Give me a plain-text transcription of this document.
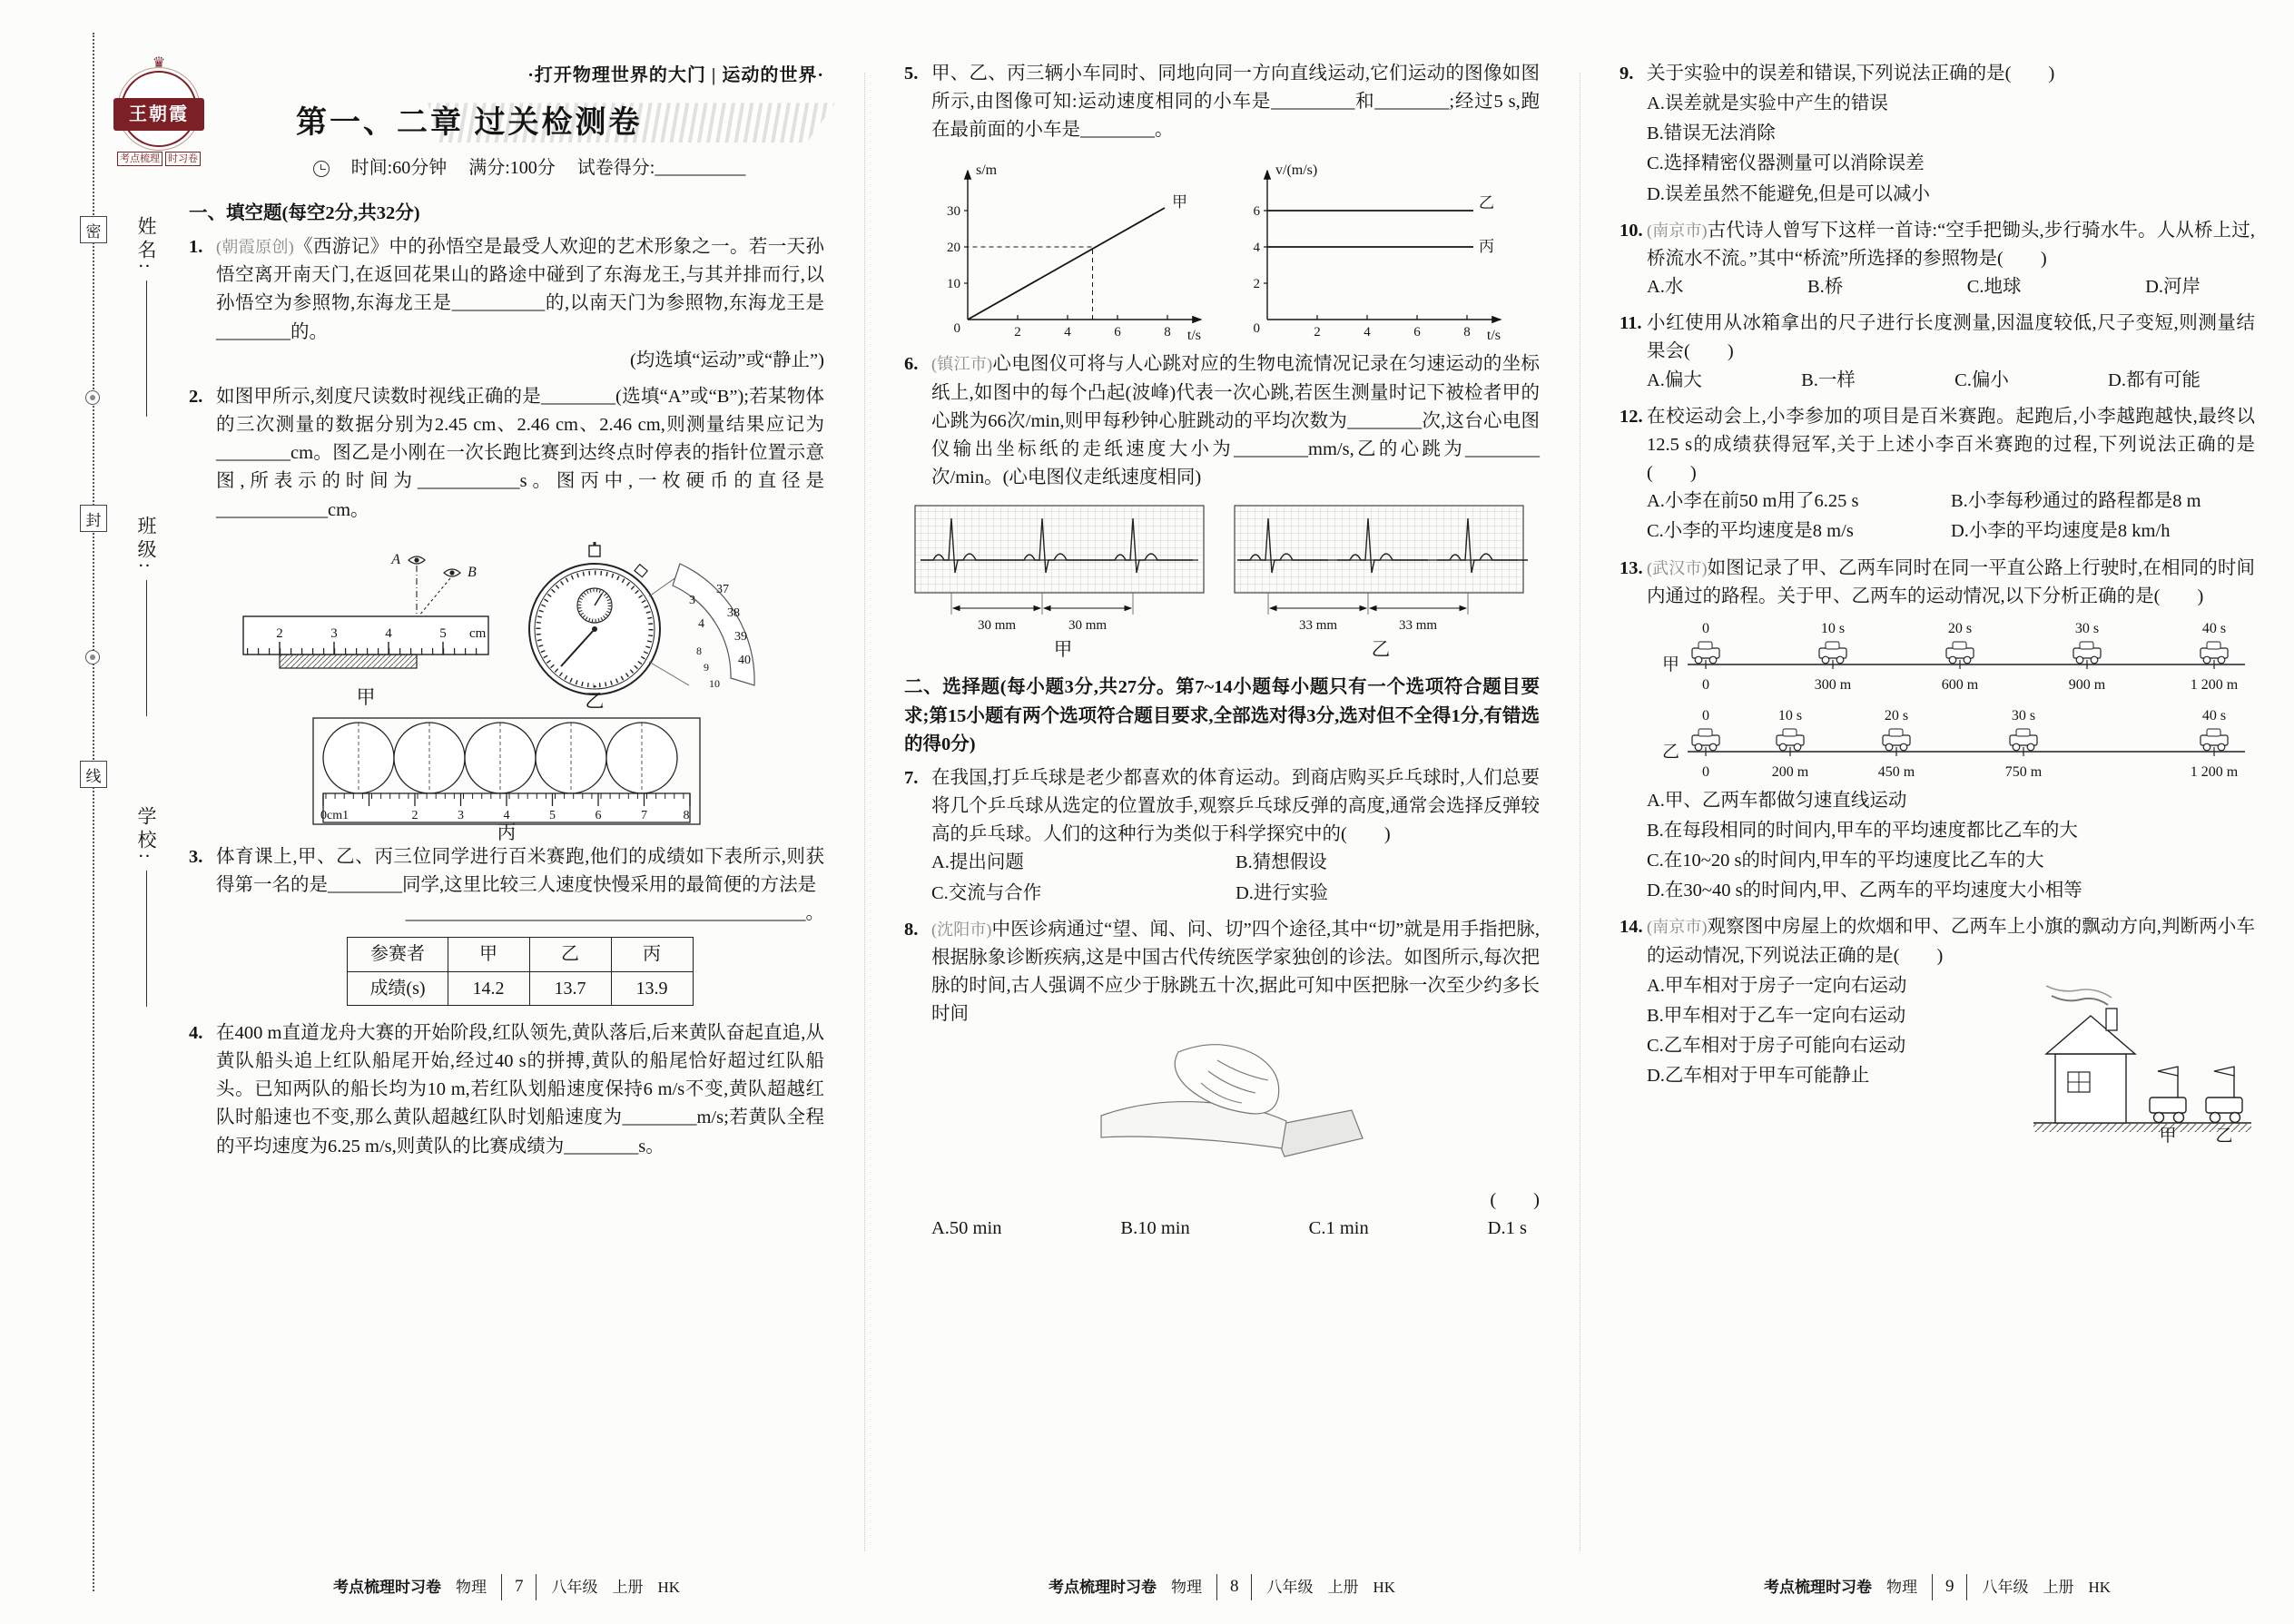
密
封
线
姓名:
班级:
学校:
♛
王朝霞
考点梳理 时习卷
·打开物理世界的大门 | 运动的世界·
第一、二章 过关检测卷
时间:60分钟 满分:100分 试卷得分:__________
一、填空题(每空2分,共32分)
1. (朝霞原创)《西游记》中的孙悟空是最受人欢迎的艺术形象之一。若一天孙悟空离开南天门,在返回花果山的路途中碰到了东海龙王,与其并排而行,以孙悟空为参照物,东海龙王是__________的,以南天门为参照物,东海龙王是________的。
(均选填“运动”或“静止”)
2. 如图甲所示,刻度尺读数时视线正确的是________(选填“A”或“B”);若某物体的三次测量的数据分别为2.45 cm、2.46 cm、2.46 cm,则测量结果应记为________cm。图乙是小刚在一次长跑比赛到达终点时停表的指针位置示意图,所表示的时间为___________s。图丙中,一枚硬币的直径是____________cm。
A
B
2	3	4	5 cm
甲
3
4
37
38
39
40
8
9
10
乙
0cm1	2	3	4	5	6	7	8
丙
3. 体育课上,甲、乙、丙三位同学进行百米赛跑,他们的成绩如下表所示,则获得第一名的是________同学,这里比较三人速度快慢采用的最简便的方法是
___________________________________________。
参赛者	甲	乙	丙
成绩(s)	14.2	13.7	13.9
4. 在400 m直道龙舟大赛的开始阶段,红队领先,黄队落后,后来黄队奋起直追,从黄队船头追上红队船尾开始,经过40 s的拼搏,黄队的船尾恰好超过红队船头。已知两队的船长均为10 m,若红队划船速度保持6 m/s不变,黄队超越红队时船速也不变,那么黄队超越红队时划船速度为________m/s;若黄队全程的平均速度为6.25 m/s,则黄队的比赛成绩为________s。
考点梳理时习卷 物理	7	八年级 上册 HK
5. 甲、乙、丙三辆小车同时、同地向同一方向直线运动,它们运动的图像如图所示,由图像可知:运动速度相同的小车是_________和________;经过5 s,跑在最前面的小车是________。
s/m
t/s
30
20
10
0	2	4	6	8
甲
v/(m/s)
t/s
6
4
2
0	2	4	6	8
乙
丙
6. (镇江市)心电图仪可将与人心跳对应的生物电流情况记录在匀速运动的坐标纸上,如图中的每个凸起(波峰)代表一次心跳,若医生测量时记下被检者甲的心跳为66次/min,则甲每秒钟心脏跳动的平均次数为________次,这台心电图仪输出坐标纸的走纸速度大小为________mm/s,乙的心跳为________次/min。(心电图仪走纸速度相同)
30 mm	30 mm	33 mm	33 mm
甲	乙
二、选择题(每小题3分,共27分。第7~14小题每小题只有一个选项符合题目要求;第15小题有两个选项符合题目要求,全部选对得3分,选对但不全得1分,有错选的得0分)
7. 在我国,打乒乓球是老少都喜欢的体育运动。到商店购买乒乓球时,人们总要将几个乒乓球从选定的位置放手,观察乒乓球反弹的高度,通常会选择反弹较高的乒乓球。人们的这种行为类似于科学探究中的(　　)
A.提出问题	B.猜想假设
C.交流与合作	D.进行实验
8. (沈阳市)中医诊病通过“望、闻、问、切”四个途径,其中“切”就是用手指把脉,根据脉象诊断疾病,这是中国古代传统医学家独创的诊法。如图所示,每次把脉的时间,古人强调不应少于脉跳五十次,据此可知中医把脉一次至少约多长时间
(　　)
A.50 min	B.10 min	C.1 min	D.1 s
考点梳理时习卷 物理	8	八年级 上册 HK
9. 关于实验中的误差和错误,下列说法正确的是(　　)
A.误差就是实验中产生的错误
B.错误无法消除
C.选择精密仪器测量可以消除误差
D.误差虽然不能避免,但是可以减小
10. (南京市)古代诗人曾写下这样一首诗:“空手把锄头,步行骑水牛。人从桥上过,桥流水不流。”其中“桥流”所选择的参照物是(　　)
A.水	B.桥	C.地球	D.河岸
11. 小红使用从冰箱拿出的尺子进行长度测量,因温度较低,尺子变短,则测量结果会(　　)
A.偏大	B.一样	C.偏小	D.都有可能
12. 在校运动会上,小李参加的项目是百米赛跑。起跑后,小李越跑越快,最终以12.5 s的成绩获得冠军,关于上述小李百米赛跑的过程,下列说法正确的是(　　)
A.小李在前50 m用了6.25 s	B.小李每秒通过的路程都是8 m
C.小李的平均速度是8 m/s	D.小李的平均速度是8 km/h
13. (武汉市)如图记录了甲、乙两车同时在同一平直公路上行驶时,在相同的时间内通过的路程。关于甲、乙两车的运动情况,以下分析正确的是(　　)
甲
0	10 s	20 s	30 s	40 s
0	300 m	600 m	900 m	1 200 m
乙
0	10 s	20 s	30 s	40 s
0	200 m	450 m	750 m	1 200 m
A.甲、乙两车都做匀速直线运动
B.在每段相同的时间内,甲车的平均速度都比乙车的大
C.在10~20 s的时间内,甲车的平均速度比乙车的大
D.在30~40 s的时间内,甲、乙两车的平均速度大小相等
14. (南京市)观察图中房屋上的炊烟和甲、乙两车上小旗的飘动方向,判断两小车的运动情况,下列说法正确的是(　　)
A.甲车相对于房子一定向右运动
B.甲车相对于乙车一定向右运动
C.乙车相对于房子可能向右运动
D.乙车相对于甲车可能静止
甲 乙
考点梳理时习卷 物理	9	八年级 上册 HK
